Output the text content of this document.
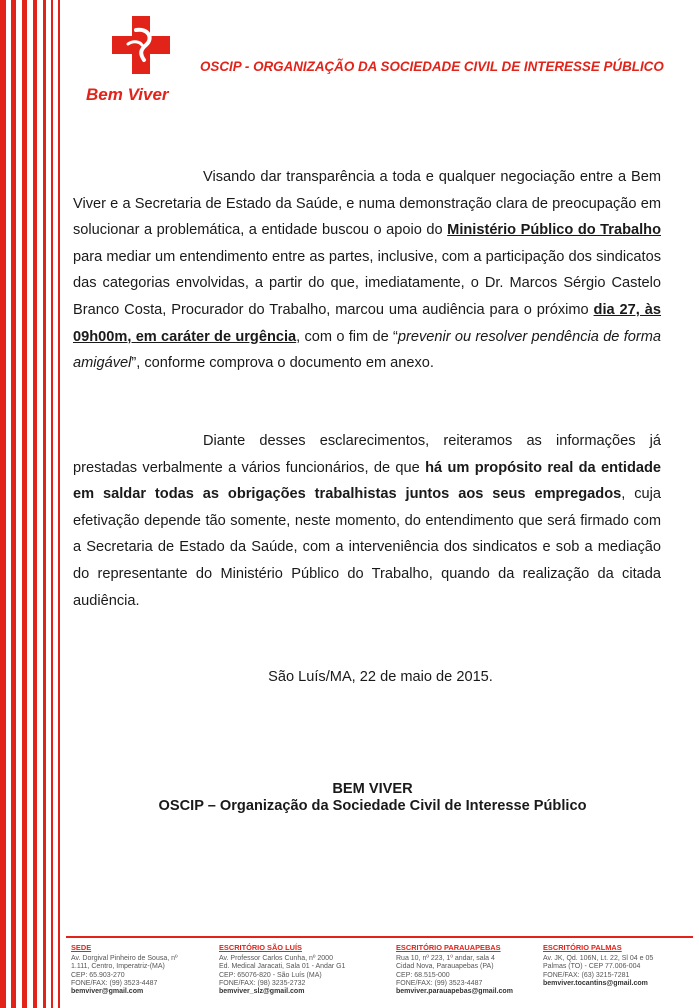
Bem Viver
OSCIP - ORGANIZAÇÃO DA SOCIEDADE CIVIL DE INTERESSE PÚBLICO

Visando dar transparência a toda e qualquer negociação entre a Bem Viver e a Secretaria de Estado da Saúde, e numa demonstração clara de preocupação em solucionar a problemática, a entidade buscou o apoio do Ministério Público do Trabalho para mediar um entendimento entre as partes, inclusive, com a participação dos sindicatos das categorias envolvidas, a partir do que, imediatamente, o Dr. Marcos Sérgio Castelo Branco Costa, Procurador do Trabalho, marcou uma audiência para o próximo dia 27, às 09h00m, em caráter de urgência, com o fim de “prevenir ou resolver pendência de forma amigável”, conforme comprova o documento em anexo.

Diante desses esclarecimentos, reiteramos as informações já prestadas verbalmente a vários funcionários, de que há um propósito real da entidade em saldar todas as obrigações trabalhistas juntos aos seus empregados, cuja efetivação depende tão somente, neste momento, do entendimento que será firmado com a Secretaria de Estado da Saúde, com a interveniência dos sindicatos e sob a mediação do representante do Ministério Público do Trabalho, quando da realização da citada audiência.

São Luís/MA, 22 de maio de 2015.
BEM VIVER
OSCIP – Organização da Sociedade Civil de Interesse Público
SEDE
Av. Dorgival Pinheiro de Sousa, nº
1.111, Centro, Imperatriz-(MA)
CEP: 65.903-270
FONE/FAX: (99) 3523-4487
bemviver@gmail.com
ESCRITÓRIO SÃO LUÍS
Av. Professor Carlos Cunha, nº 2000
Ed. Medical Jaracati, Sala 01 - Andar G1
CEP: 65076-820 - São Luís (MA)
FONE/FAX: (98) 3235-2732
bemviver_slz@gmail.com
ESCRITÓRIO PARAUAPEBAS
Rua 10, nº 223, 1º andar, sala 4
Cidad Nova, Parauapebas (PA)
CEP: 68.515-000
FONE/FAX: (99) 3523-4487
bemviver.parauapebas@gmail.com
ESCRITÓRIO PALMAS
Av. JK, Qd. 106N, Lt. 22, Sl 04 e 05
Palmas (TO) - CEP 77.006-004
FONE/FAX: (63) 3215-7281
bemviver.tocantins@gmail.com
